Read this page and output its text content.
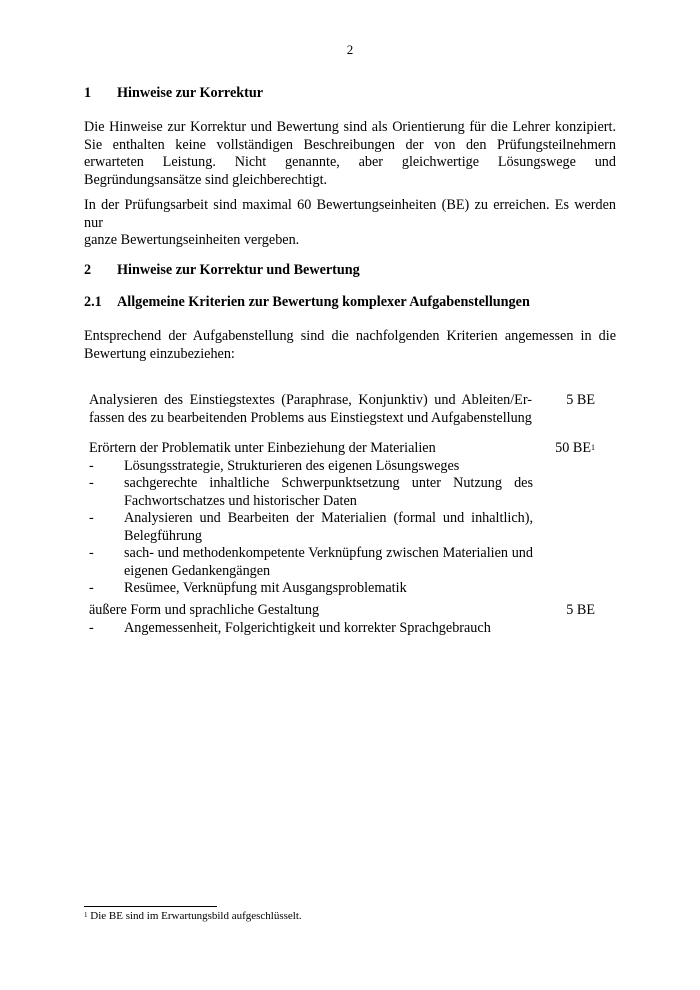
2
1 Hinweise zur Korrektur
Die Hinweise zur Korrektur und Bewertung sind als Orientierung für die Lehrer konzipiert.
Sie enthalten keine vollständigen Beschreibungen der von den Prüfungsteilnehmern
erwarteten Leistung. Nicht genannte, aber gleichwertige Lösungswege und
Begründungsansätze sind gleichberechtigt.
In der Prüfungsarbeit sind maximal 60 Bewertungseinheiten (BE) zu erreichen. Es werden nur
ganze Bewertungseinheiten vergeben.
2 Hinweise zur Korrektur und Bewertung
2.1 Allgemeine Kriterien zur Bewertung komplexer Aufgabenstellungen
Entsprechend der Aufgabenstellung sind die nachfolgenden Kriterien angemessen in die
Bewertung einzubeziehen:
Analysieren des Einstiegstextes (Paraphrase, Konjunktiv) und Ableiten/Er-
fassen des zu bearbeitenden Problems aus Einstiegstext und Aufgabenstellung
5 BE
Erörtern der Problematik unter Einbeziehung der Materialien	50 $BE^1$
- Lösungsstrategie, Strukturieren des eigenen Lösungsweges
- sachgerechte inhaltliche Schwerpunktsetzung unter Nutzung des
Fachwortschatzes und historischer Daten
- Analysieren und Bearbeiten der Materialien (formal und inhaltlich),
Belegführung
- sach- und methodenkompetente Verknüpfung zwischen Materialien und
eigenen Gedankengängen
- Resümee, Verknüpfung mit Ausgangsproblematik
äußere Form und sprachliche Gestaltung	5 BE
- Angemessenheit, Folgerichtigkeit und korrekter Sprachgebrauch
$^1$ Die BE sind im Erwartungsbild aufgeschlüsselt.
